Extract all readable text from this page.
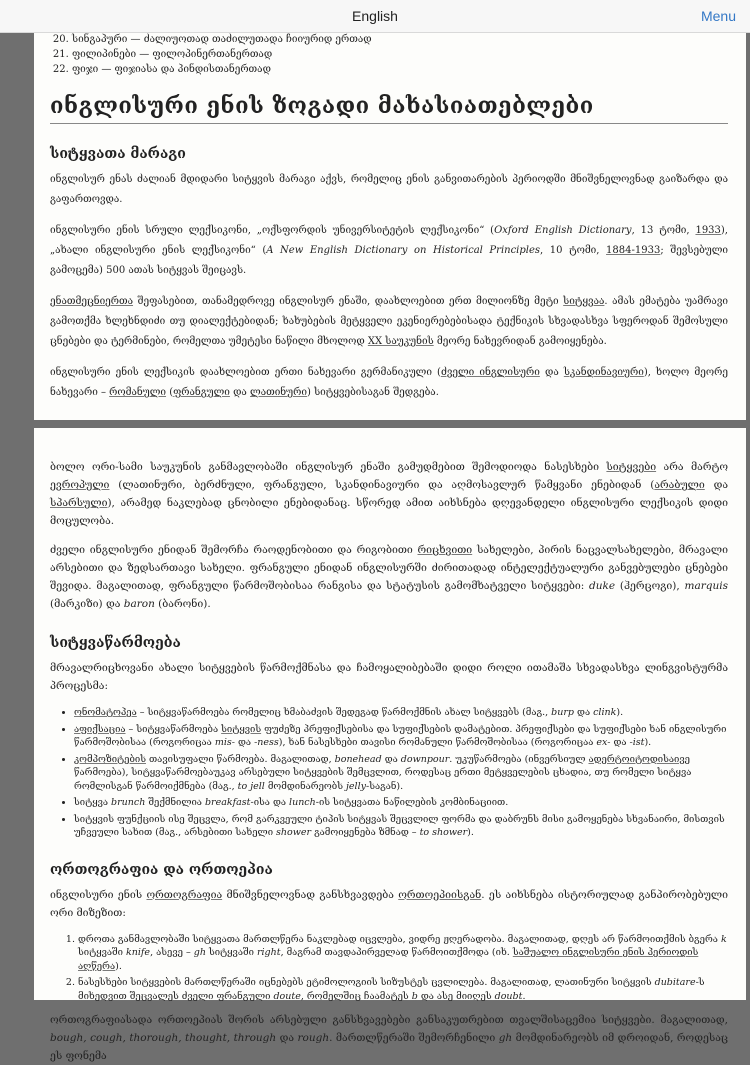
English	Menu
20. სინგაპური — ძალიუოთად თაძილუთადა ჩიიურიდ ერთად
21. ფილიპინები — ფილოპინერთანერთად
22. ფიჯი — ფიჯიასა და პინდისთანერთად
ინგლისური ენის ზოგადი მახასიათებლები
სიტყვათა მარაგი

ინგლისურ ენას ძალიან მდიდარი სიტყვის მარაგი აქვს, რომელიც ენის განვითარების პერიოდში მნიშვნელოვნად გაიზარდა და გაფართოვდა.

ინგლისური ენის სრული ლექსიკონი, „ოქსფორდის უნივერსიტეტის ლექსიკონი“ (Oxford English Dictionary, 13 ტომი, 1933), „ახალი ინგლისური ენის ლექსიკონი“ (A New English Dictionary on Historical Principles, 10 ტომი, 1884-1933; შევსებული გამოცემა) 500 ათას სიტყვას შეიცავს.

ენათმეცნიერთა შეფასებით, თანამედროვე ინგლისურ ენაში, დაახლოებით ერთ მილიონზე მეტი სიტყვაა. ამას ემატება უამრავი გამოთქმა ხლეხნდიძი თუ დიალექტებიდან; ხახუბების მეტყველი ეკენიერებებისადა ტექნიკის სხვადასხვა სფეროდან შემოსული ცნებები და ტერმინები, რომელთა უმეტესი ნაწილი მხოლოდ XX საუკუნის მეორე ნახევრიდან გამოიყენება.

ინგლისური ენის ლექსიკის დაახლოებით ერთი ნახევარი გერმანიკული (ძველი ინგლისური და სკანდინავიური), ხოლო მეორე ნახევარი – რომანული (ფრანგული და ლათინური) სიტყვებისაგან შედგება.

ბოლო ორი-სამი საუკუნის განმავლობაში ინგლისურ ენაში გამუდმებით შემოდიოდა ნასესხები სიტყვები არა მარტო ევროპული (ლათინური, ბერძნული, ფრანგული, სკანდინავიური და აღმოსავლურ წამყვანი ენებიდან (არაბული და სპარსული), არამედ ნაკლებად ცნობილი ენებიდანაც. სწორედ ამით აიხსნება დღევანდელი ინგლისური ლექსიკის დიდი მოცულობა.

ძველი ინგლისური ენიდან შემორჩა რაოდენობითი და რიგობითი რიცხვითი სახელები, პირის ნაცვალსახელები, მრავალი არსებითი და ზედსართავი სახელი. ფრანგული ენიდან ინგლისურში ძირითადად ინტელექტუალური განვებულები ცნებები შევიდა. მაგალითად, ფრანგული წარმოშობისაა რანგისა და სტატუსის გამომხატველი სიტყვები: duke (ჰერცოგი), marquis (მარკიზი) და baron (ბარონი).

სიტყვაწარმოება

მრავალრიცხოვანი ახალი სიტყვების წარმოქმნასა და ჩამოყალიბებაში დიდი როლი ითამაშა სხვადასხვა ლინგვისტურმა პროცესმა:

• ონომატოპეა – სიტყვაწარმოება რომელიც ხმაბაძვის შედეგად წარმოქმნის ახალ სიტყვებს (მაგ., burp და clink).
• აფიქსაცია – სიტყვაწარმოება სიტყვის ფუძეზე პრეფიქსებისა და სუფიქსების დამატებით. პრეფიქსები და სუფიქსები ხან ინგლისური წარმოშობისაა (როგორიცაა mis- და -ness), ხან ნასესხები თავისი რომანული წარმოშობისაა (როგორიცაა ex- და -ist).
• კომპოზიტების თავისუფალი წარმოება. მაგალითად, bonehead და downpour. უკუწარმოება (ინვერსიულ ადერტოიტოდისაივე წარმოება), სიტყვაწარმოებაუკავ არსებული სიტყვების შემცვლით, როდესაც ერთი მეტყველების ცხადია, თუ რომელი სიტყვა რომლისგან წარმოიქმნება (მაგ., to jell მომდინარეობს jelly-საგან).
• სიტყვა brunch შექმნილია breakfast-ისა და lunch-ის სიტყვათა ნაწილების კომბინაციით.
• სიტყვის ფუნქციის ისე შეცვლა, რომ გარკვეული ტიპის სიტყვას შეცვლილ ფორმა და დაბრუნს მისი გამოყენება სხვანაირი, მისთვის უჩვეული სახით (მაგ., არსებითი სახელი shower გამოიყენება ზმნად – to shower).
ორთოგრაფია და ორთოეპია

ინგლისური ენის ორთოგრაფია მნიშვნელოვნად განსხვავდება ორთოეპიისგან. ეს აიხსნება ისტორიულად განპირობებული ორი მიზეზით:

1. დროთა განმავლობაში სიტყვათა მართლწერა ნაკლებად იცვლება, ვიდრე ჟღერადობა. მაგალითად, დღეს არ წარმოითქმის ბგერა k სიტყვაში knife, ასევე – gh სიტყვაში right, მაგრამ თავდაპირველად წარმოითქმოდა (იხ. საშუალო ინგლისური ენის პერიოდის აღწერა).
2. ნასესხები სიტყვების მართლწერაში იცნებებს ეტიმოლოგიის სიზუსტეს ცვლილება. მაგალითად, ლათინური სიტყვის dubitare-ს მიხედვით შეცვალეს ძველი ფრანგული doute, რომელშიც ჩაამატეს b და ასე მიიღეს doubt.

ორთოგრაფიასადა ორთოეპიას შორის არსებული განსხვავებები განსაკუთრებით თვალშისაცემია სიტყვები. მაგალითად, bough, cough, thorough, thought, through და rough. მართლწერაში შემორჩენილი gh მომდინარეობს იმ დროიდან, როდესაც ეს ფონემა
